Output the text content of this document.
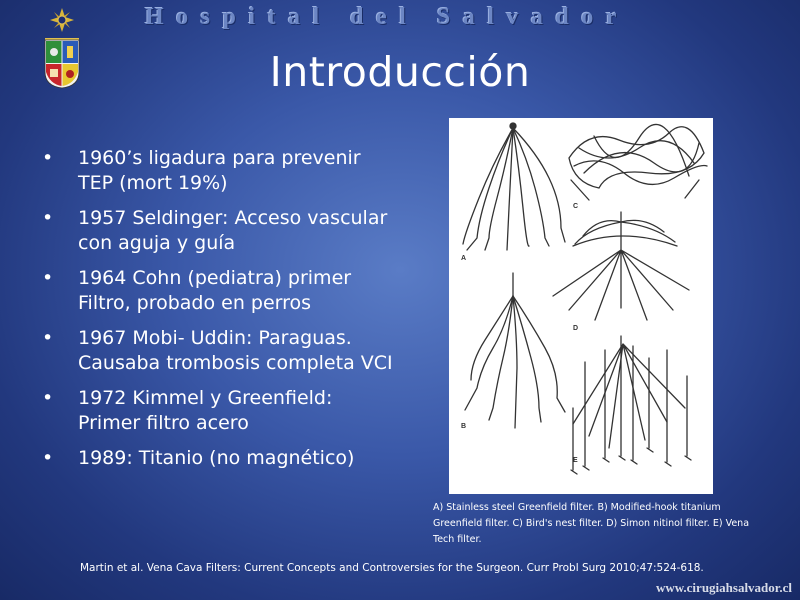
Hospital del Salvador
Introducción
• 1960’s ligadura para prevenir TEP (mort 19%)
• 1957 Seldinger: Acceso vascular con aguja y guía
• 1964 Cohn (pediatra) primer Filtro, probado en perros
• 1967 Mobi- Uddin: Paraguas. Causaba trombosis completa VCI
• 1972 Kimmel y Greenfield: Primer filtro acero
• 1989: Titanio (no magnético)
A
B
C
D
E
A) Stainless steel Greenfield filter. B) Modified-hook titanium Greenfield filter. C) Bird's nest filter. D) Simon nitinol filter. E) Vena Tech filter.
Martin et al. Vena Cava Filters: Current Concepts and Controversies for the Surgeon. Curr Probl Surg 2010;47:524-618.
www.cirugiahsalvador.cl
